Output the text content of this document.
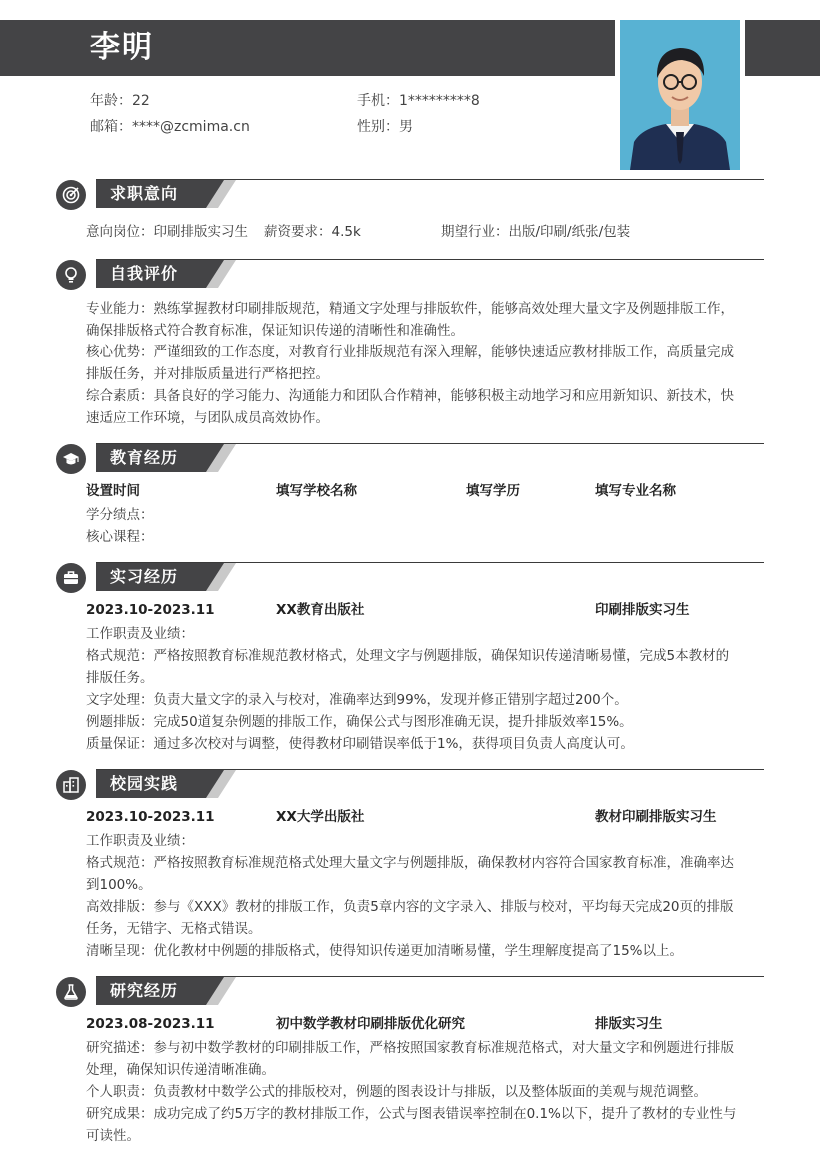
李明
年龄：22	手机：1*********8
邮箱：****@zcmima.cn	性别：男
求职意向
意向岗位：印刷排版实习生 薪资要求：4.5k	期望行业：出版/印刷/纸张/包装
自我评价
专业能力：熟练掌握教材印刷排版规范，精通文字处理与排版软件，能够高效处理大量文字及例题排版工作，
确保排版格式符合教育标准，保证知识传递的清晰性和准确性。
核心优势：严谨细致的工作态度，对教育行业排版规范有深入理解，能够快速适应教材排版工作，高质量完成
排版任务，并对排版质量进行严格把控。
综合素质：具备良好的学习能力、沟通能力和团队合作精神，能够积极主动地学习和应用新知识、新技术，快
速适应工作环境，与团队成员高效协作。
教育经历
设置时间	填写学校名称	填写学历	填写专业名称
学分绩点：
核心课程：
实习经历
2023.10-2023.11	XX教育出版社	印刷排版实习生
工作职责及业绩：
格式规范：严格按照教育标准规范教材格式，处理文字与例题排版，确保知识传递清晰易懂，完成5本教材的
排版任务。
文字处理：负责大量文字的录入与校对，准确率达到99%，发现并修正错别字超过200个。
例题排版：完成50道复杂例题的排版工作，确保公式与图形准确无误，提升排版效率15%。
质量保证：通过多次校对与调整，使得教材印刷错误率低于1%，获得项目负责人高度认可。
校园实践
2023.10-2023.11	XX大学出版社	教材印刷排版实习生
工作职责及业绩：
格式规范：严格按照教育标准规范格式处理大量文字与例题排版，确保教材内容符合国家教育标准，准确率达
到100%。
高效排版：参与《XXX》教材的排版工作，负责5章内容的文字录入、排版与校对，平均每天完成20页的排版
任务，无错字、无格式错误。
清晰呈现：优化教材中例题的排版格式，使得知识传递更加清晰易懂，学生理解度提高了15%以上。
研究经历
2023.08-2023.11	初中数学教材印刷排版优化研究	排版实习生
研究描述：参与初中数学教材的印刷排版工作，严格按照国家教育标准规范格式，对大量文字和例题进行排版
处理，确保知识传递清晰准确。
个人职责：负责教材中数学公式的排版校对，例题的图表设计与排版，以及整体版面的美观与规范调整。
研究成果：成功完成了约5万字的教材排版工作，公式与图表错误率控制在0.1%以下，提升了教材的专业性与
可读性。
